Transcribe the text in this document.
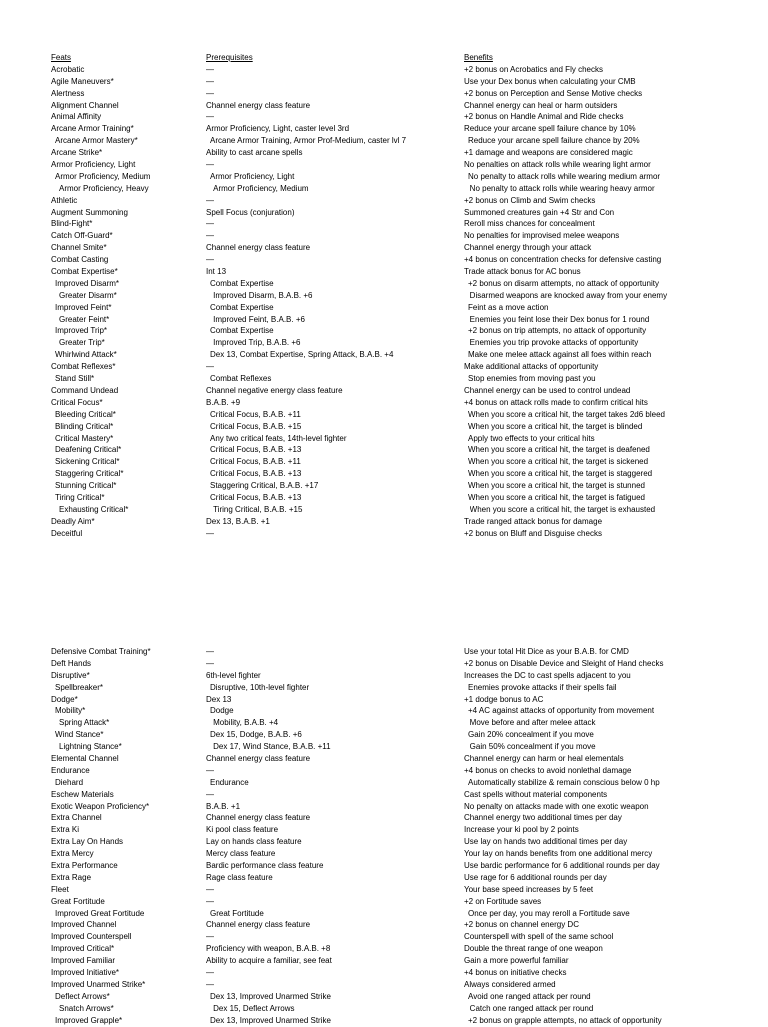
Feats	Prerequisites	Benefits
Acrobatic	—	+2 bonus on Acrobatics and Fly checks
Agile Maneuvers*	—	Use your Dex bonus when calculating your CMB
Alertness	—	+2 bonus on Perception and Sense Motive checks
Alignment Channel	Channel energy class feature	Channel energy can heal or harm outsiders
Animal Affinity	—	+2 bonus on Handle Animal and Ride checks
Arcane Armor Training*	Armor Proficiency, Light, caster level 3rd	Reduce your arcane spell failure chance by 10%
Arcane Armor Mastery*	Arcane Armor Training, Armor Prof-Medium, caster lvl 7	Reduce your arcane spell failure chance by 20%
Arcane Strike*	Ability to cast arcane spells	+1 damage and weapons are considered magic
Armor Proficiency, Light	—	No penalties on attack rolls while wearing light armor
Armor Proficiency, Medium	Armor Proficiency, Light	No penalty to attack rolls while wearing medium armor
Armor Proficiency, Heavy	Armor Proficiency, Medium	No penalty to attack rolls while wearing heavy armor
Athletic	—	+2 bonus on Climb and Swim checks
Augment Summoning	Spell Focus (conjuration)	Summoned creatures gain +4 Str and Con
Blind-Fight*	—	Reroll miss chances for concealment
Catch Off-Guard*	—	No penalties for improvised melee weapons
Channel Smite*	Channel energy class feature	Channel energy through your attack
Combat Casting	—	+4 bonus on concentration checks for defensive casting
Combat Expertise*	Int 13	Trade attack bonus for AC bonus
Improved Disarm*	Combat Expertise	+2 bonus on disarm attempts, no attack of opportunity
Greater Disarm*	Improved Disarm, B.A.B. +6	Disarmed weapons are knocked away from your enemy
Improved Feint*	Combat Expertise	Feint as a move action
Greater Feint*	Improved Feint, B.A.B. +6	Enemies you feint lose their Dex bonus for 1 round
Improved Trip*	Combat Expertise	+2 bonus on trip attempts, no attack of opportunity
Greater Trip*	Improved Trip, B.A.B. +6	Enemies you trip provoke attacks of opportunity
Whirlwind Attack*	Dex 13, Combat Expertise, Spring Attack, B.A.B. +4	Make one melee attack against all foes within reach
Combat Reflexes*	—	Make additional attacks of opportunity
Stand Still*	Combat Reflexes	Stop enemies from moving past you
Command Undead	Channel negative energy class feature	Channel energy can be used to control undead
Critical Focus*	B.A.B. +9	+4 bonus on attack rolls made to confirm critical hits
Bleeding Critical*	Critical Focus, B.A.B. +11	When you score a critical hit, the target takes 2d6 bleed
Blinding Critical*	Critical Focus, B.A.B. +15	When you score a critical hit, the target is blinded
Critical Mastery*	Any two critical feats, 14th-level fighter	Apply two effects to your critical hits
Deafening Critical*	Critical Focus, B.A.B. +13	When you score a critical hit, the target is deafened
Sickening Critical*	Critical Focus, B.A.B. +11	When you score a critical hit, the target is sickened
Staggering Critical*	Critical Focus, B.A.B. +13	When you score a critical hit, the target is staggered
Stunning Critical*	Staggering Critical, B.A.B. +17	When you score a critical hit, the target is stunned
Tiring Critical*	Critical Focus, B.A.B. +13	When you score a critical hit, the target is fatigued
Exhausting Critical*	Tiring Critical, B.A.B. +15	When you score a critical hit, the target is exhausted
Deadly Aim*	Dex 13, B.A.B. +1	Trade ranged attack bonus for damage
Deceitful	—	+2 bonus on Bluff and Disguise checks
Defensive Combat Training*	—	Use your total Hit Dice as your B.A.B. for CMD
Deft Hands	—	+2 bonus on Disable Device and Sleight of Hand checks
Disruptive*	6th-level fighter	Increases the DC to cast spells adjacent to you
Spellbreaker*	Disruptive, 10th-level fighter	Enemies provoke attacks if their spells fail
Dodge*	Dex 13	+1 dodge bonus to AC
Mobility*	Dodge	+4 AC against attacks of opportunity from movement
Spring Attack*	Mobility, B.A.B. +4	Move before and after melee attack
Wind Stance*	Dex 15, Dodge, B.A.B. +6	Gain 20% concealment if you move
Lightning Stance*	Dex 17, Wind Stance, B.A.B. +11	Gain 50% concealment if you move
Elemental Channel	Channel energy class feature	Channel energy can harm or heal elementals
Endurance	—	+4 bonus on checks to avoid nonlethal damage
Diehard	Endurance	Automatically stabilize & remain conscious below 0 hp
Eschew Materials	—	Cast spells without material components
Exotic Weapon Proficiency*	B.A.B. +1	No penalty on attacks made with one exotic weapon
Extra Channel	Channel energy class feature	Channel energy two additional times per day
Extra Ki	Ki pool class feature	Increase your ki pool by 2 points
Extra Lay On Hands	Lay on hands class feature	Use lay on hands two additional times per day
Extra Mercy	Mercy class feature	Your lay on hands benefits from one additional mercy
Extra Performance	Bardic performance class feature	Use bardic performance for 6 additional rounds per day
Extra Rage	Rage class feature	Use rage for 6 additional rounds per day
Fleet	—	Your base speed increases by 5 feet
Great Fortitude	—	+2 on Fortitude saves
Improved Great Fortitude	Great Fortitude	Once per day, you may reroll a Fortitude save
Improved Channel	Channel energy class feature	+2 bonus on channel energy DC
Improved Counterspell	—	Counterspell with spell of the same school
Improved Critical*	Proficiency with weapon, B.A.B. +8	Double the threat range of one weapon
Improved Familiar	Ability to acquire a familiar, see feat	Gain a more powerful familiar
Improved Initiative*	—	+4 bonus on initiative checks
Improved Unarmed Strike*	—	Always considered armed
Deflect Arrows*	Dex 13, Improved Unarmed Strike	Avoid one ranged attack per round
Snatch Arrows*	Dex 15, Deflect Arrows	Catch one ranged attack per round
Improved Grapple*	Dex 13, Improved Unarmed Strike	+2 bonus on grapple attempts, no attack of opportunity
